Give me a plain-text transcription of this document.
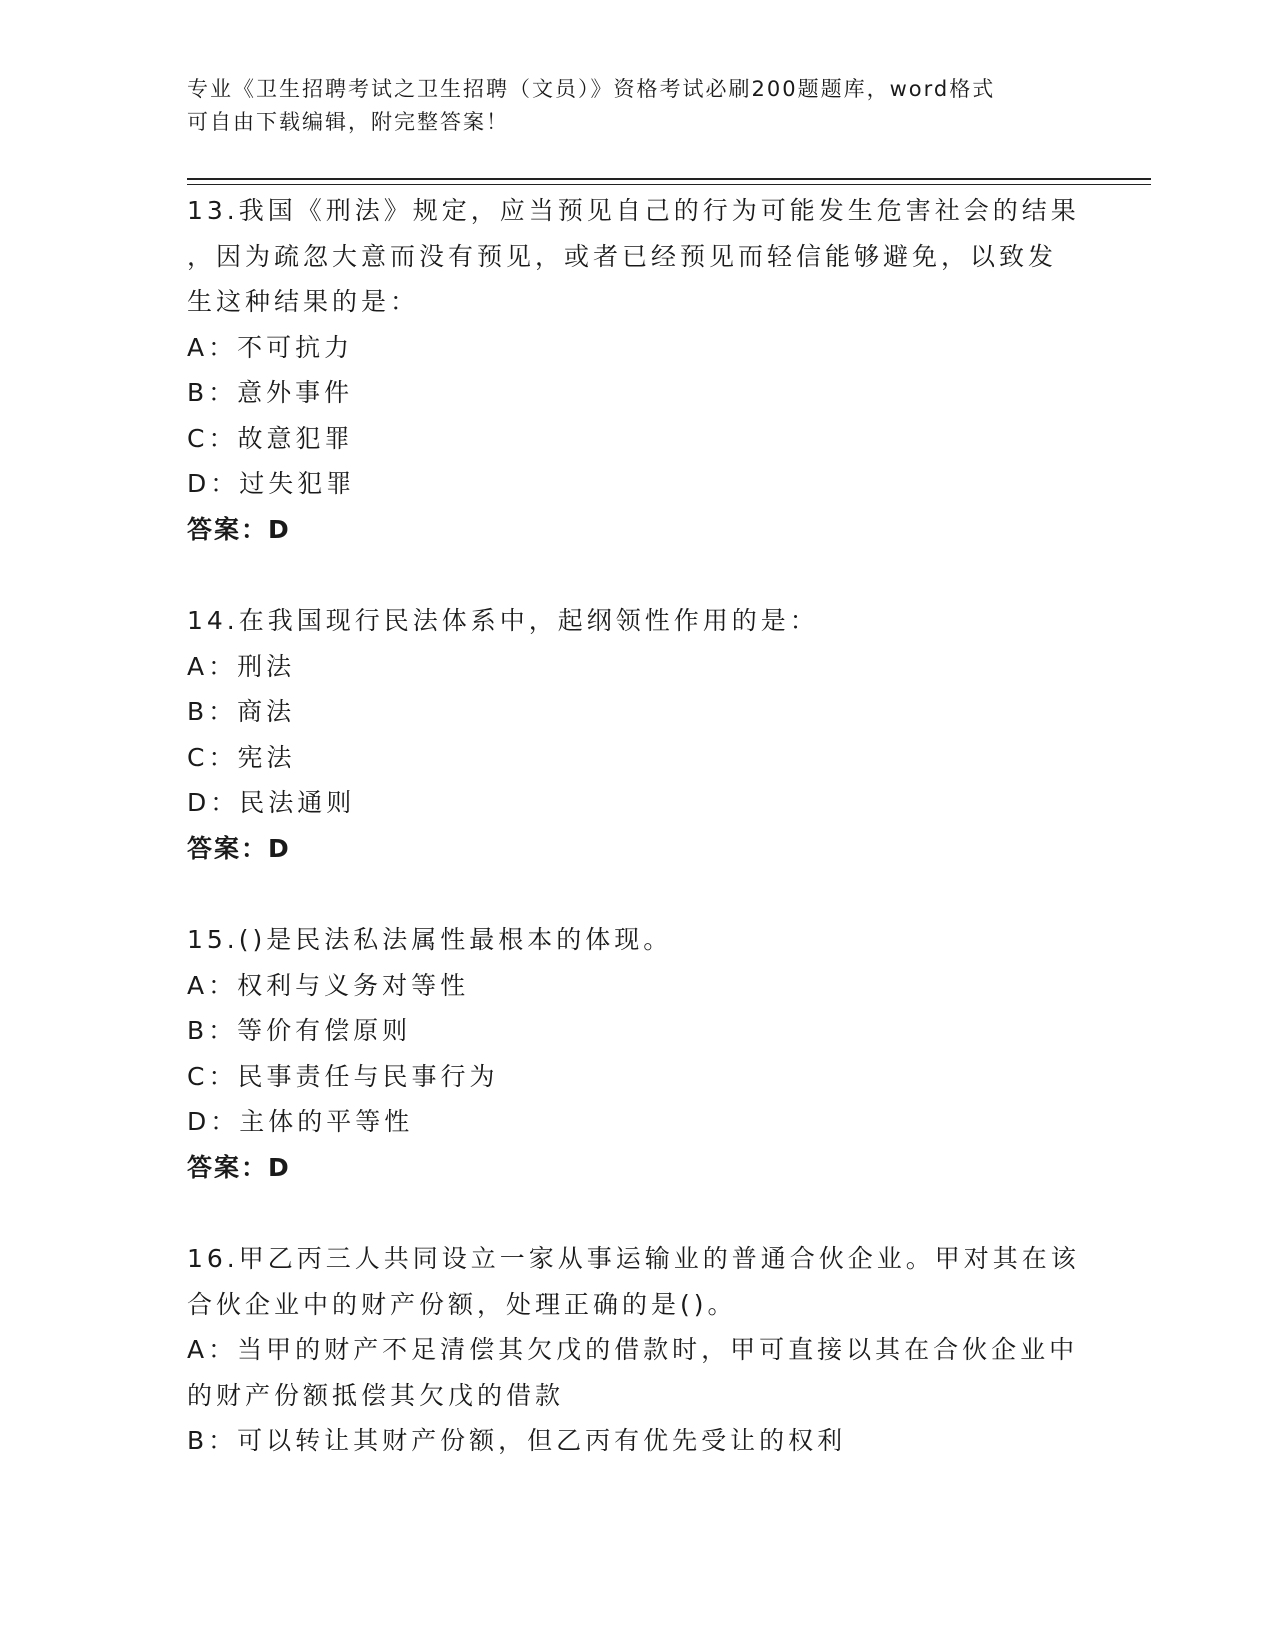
专业《卫生招聘考试之卫生招聘（文员）》资格考试必刷200题题库，word格式
可自由下载编辑，附完整答案！
13.我国《刑法》规定，应当预见自己的行为可能发生危害社会的结果
，因为疏忽大意而没有预见，或者已经预见而轻信能够避免，以致发
生这种结果的是：
A：不可抗力
B：意外事件
C：故意犯罪
D：过失犯罪
答案：D
14.在我国现行民法体系中，起纲领性作用的是：
A：刑法
B：商法
C：宪法
D：民法通则
答案：D
15.()是民法私法属性最根本的体现。
A：权利与义务对等性
B：等价有偿原则
C：民事责任与民事行为
D：主体的平等性
答案：D
16.甲乙丙三人共同设立一家从事运输业的普通合伙企业。甲对其在该
合伙企业中的财产份额，处理正确的是()。
A：当甲的财产不足清偿其欠戊的借款时，甲可直接以其在合伙企业中
的财产份额抵偿其欠戊的借款
B：可以转让其财产份额，但乙丙有优先受让的权利
